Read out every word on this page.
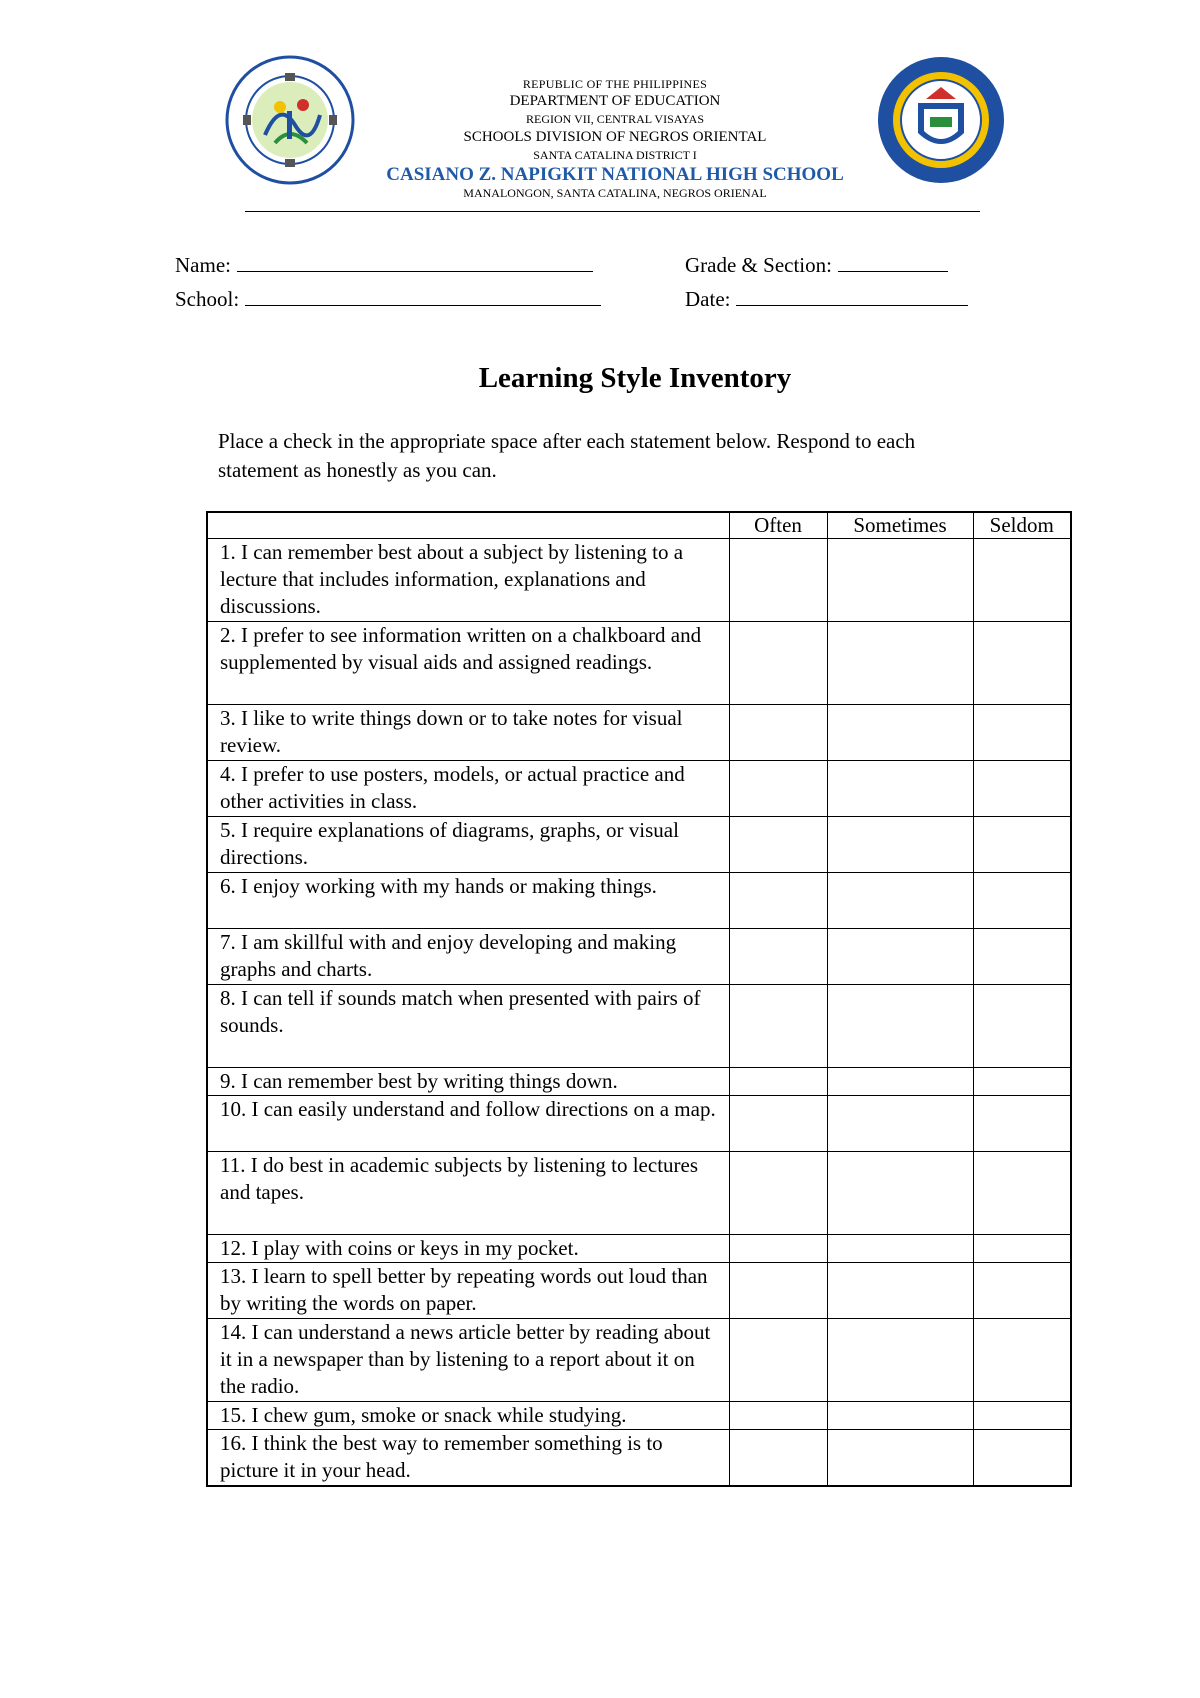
REPUBLIC OF THE PHILIPPINES
DEPARTMENT OF EDUCATION
REGION VII, CENTRAL VISAYAS
SCHOOLS DIVISION OF NEGROS ORIENTAL
SANTA CATALINA DISTRICT I
CASIANO Z. NAPIGKIT NATIONAL HIGH SCHOOL
MANALONGON, SANTA CATALINA, NEGROS ORIENAL
Name:
School:
Grade & Section:
Date:
Learning Style Inventory
Place a check in the appropriate space after each statement below. Respond to each statement as honestly as you can.
	Often	Sometimes	Seldom
1. I can remember best about a subject by listening to a lecture that includes information, explanations and discussions.			
2. I prefer to see information written on a chalkboard and supplemented by visual aids and assigned readings.			
3. I like to write things down or to take notes for visual review.			
4. I prefer to use posters, models, or actual practice and other activities in class.			
5. I require explanations of diagrams, graphs, or visual directions.			
6. I enjoy working with my hands or making things.			
7. I am skillful with and enjoy developing and making graphs and charts.			
8. I can tell if sounds match when presented with pairs of sounds.			
9. I can remember best by writing things down.			
10. I can easily understand and follow directions on a map.			
11. I do best in academic subjects by listening to lectures and tapes.			
12. I play with coins or keys in my pocket.			
13. I learn to spell better by repeating words out loud than by writing the words on paper.			
14. I can understand a news article better by reading about it in a newspaper than by listening to a report about it on the radio.			
15. I chew gum, smoke or snack while studying.			
16. I think the best way to remember something is to picture it in your head.			
